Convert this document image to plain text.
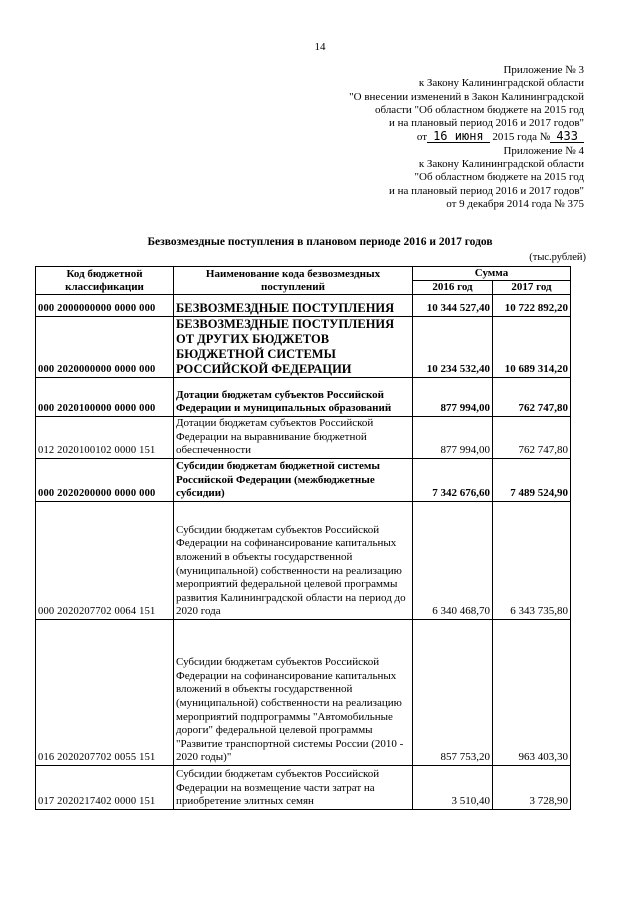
14
Приложение № 3
к Закону Калининградской области
"О внесении изменений в Закон Калининградской
области "Об областном бюджете на 2015 год
и на плановый период 2016 и 2017 годов"
от 16 июня 2015 года № 433
Приложение № 4
к Закону Калининградской области
"Об областном бюджете на 2015 год
и на плановый период 2016 и 2017 годов"
от 9 декабря 2014 года № 375
Безвозмездные поступления в плановом периоде 2016 и 2017 годов
(тыс.рублей)
Код бюджетной классификации	Наименование кода безвозмездных поступлений	Сумма	
		2016 год	2017 год
000 2000000000 0000 000	БЕЗВОЗМЕЗДНЫЕ ПОСТУПЛЕНИЯ	10 344 527,40	10 722 892,20
000 2020000000 0000 000	БЕЗВОЗМЕЗДНЫЕ ПОСТУПЛЕНИЯ ОТ ДРУГИХ БЮДЖЕТОВ БЮДЖЕТНОЙ СИСТЕМЫ РОССИЙСКОЙ ФЕДЕРАЦИИ	10 234 532,40	10 689 314,20
000 2020100000 0000 000	Дотации бюджетам субъектов Российской Федерации и муниципальных образований	877 994,00	762 747,80
012 2020100102 0000 151	Дотации бюджетам субъектов Российской Федерации на выравнивание бюджетной обеспеченности	877 994,00	762 747,80
000 2020200000 0000 000	Субсидии бюджетам бюджетной системы Российской Федерации (межбюджетные субсидии)	7 342 676,60	7 489 524,90
000 2020207702 0064 151	Субсидии бюджетам субъектов Российской Федерации на софинансирование капитальных вложений в объекты государственной (муниципальной) собственности на реализацию мероприятий федеральной целевой программы развития Калининградской области на период до 2020 года	6 340 468,70	6 343 735,80
016 2020207702 0055 151	Субсидии бюджетам субъектов Российской Федерации на софинансирование капитальных вложений в объекты государственной (муниципальной) собственности на реализацию мероприятий подпрограммы "Автомобильные дороги" федеральной целевой программы "Развитие транспортной системы России (2010 - 2020 годы)"	857 753,20	963 403,30
017 2020217402 0000 151	Субсидии бюджетам субъектов Российской Федерации на возмещение части затрат на приобретение элитных семян	3 510,40	3 728,90
